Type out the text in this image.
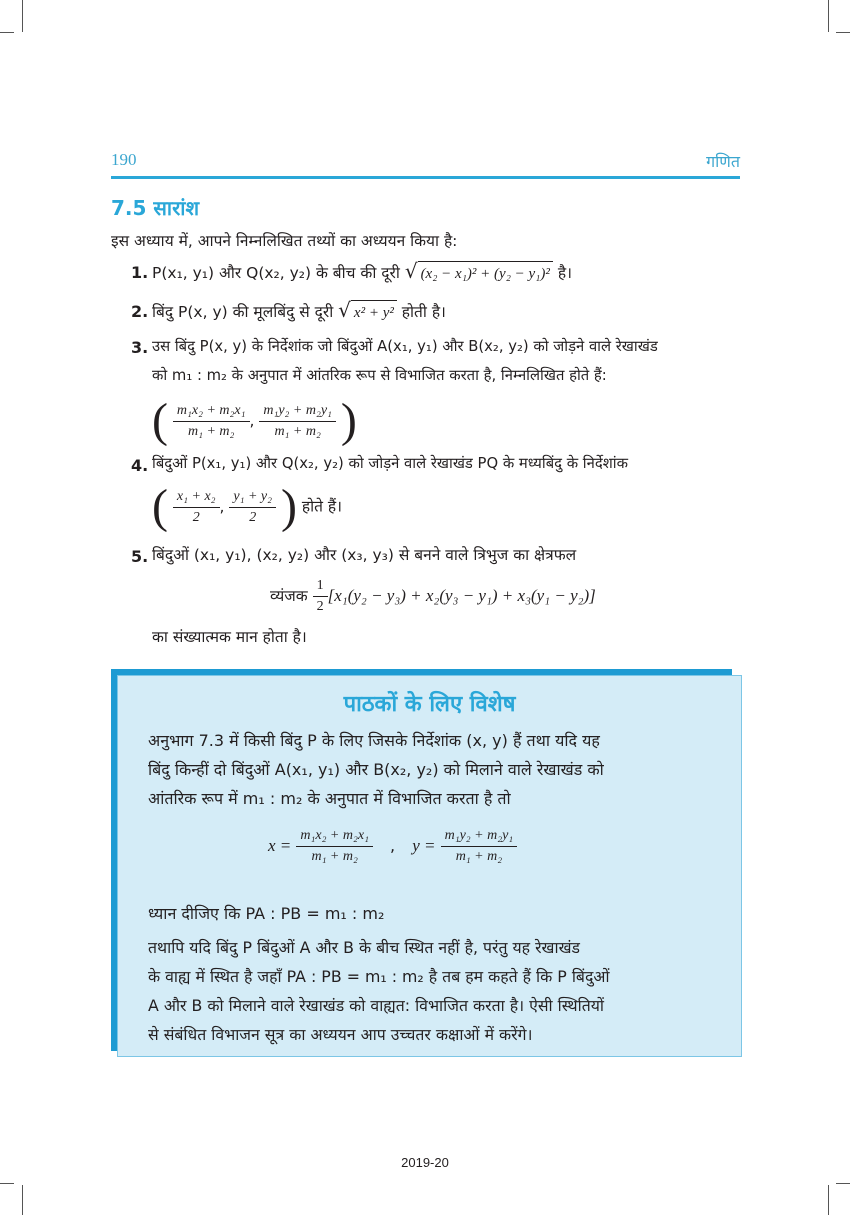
190	गणित
7.5 सारांश
इस अध्याय में, आपने निम्नलिखित तथ्यों का अध्ययन किया है:
1. P(x₁, y₁) और Q(x₂, y₂) के बीच की दूरी √ (x₂ − x₁)² + (y₂ − y₁)² है।
2. बिंदु P(x, y) की मूलबिंदु से दूरी √ x² + y² होती है।
3. उस बिंदु P(x, y) के निर्देशांक जो बिंदुओं A(x₁, y₁) और B(x₂, y₂) को जोड़ने वाले रेखाखंड
को m₁ : m₂ के अनुपात में आंतरिक रूप से विभाजित करता है, निम्नलिखित होते हैं:
( $\frac{\text{m₁x₂ + m₂x₁}}{\text{m₁ + m₂}}$ , $\frac{\text{m₁y₂ + m₂y₁}}{\text{m₁ + m₂}}$ )
4. बिंदुओं P(x₁, y₁) और Q(x₂, y₂) को जोड़ने वाले रेखाखंड PQ के मध्यबिंदु के निर्देशांक
( $\frac{\text{x₁ + x₂}}{2}$ , $\frac{\text{y₁ + y₂}}{2}$ ) होते हैं।
5. बिंदुओं (x₁, y₁), (x₂, y₂) और (x₃, y₃) से बनने वाले त्रिभुज का क्षेत्रफल
व्यंजक $\frac{1}{2} [x_1(y_2 - y_3) + x_2(y_3 - y_1) + x_3(y_1 - y_2)]$
का संख्यात्मक मान होता है।
पाठकों के लिए विशेष
अनुभाग 7.3 में किसी बिंदु P के लिए जिसके निर्देशांक (x, y) हैं तथा यदि यह
बिंदु किन्हीं दो बिंदुओं A(x₁, y₁) और B(x₂, y₂) को मिलाने वाले रेखाखंड को
आंतरिक रूप में m₁ : m₂ के अनुपात में विभाजित करता है तो
$x = \frac{\text{m₁x₂ + m₂x₁}}{\text{m₁ + m₂}}$ , $y = \frac{\text{m₁y₂ + m₂y₁}}{\text{m₁ + m₂}}$
ध्यान दीजिए कि PA : PB = m₁ : m₂
तथापि यदि बिंदु P बिंदुओं A और B के बीच स्थित नहीं है, परंतु यह रेखाखंड
के वाह्य में स्थित है जहाँ PA : PB = m₁ : m₂ है तब हम कहते हैं कि P बिंदुओं
A और B को मिलाने वाले रेखाखंड को वाह्यत: विभाजित करता है। ऐसी स्थितियों
से संबंधित विभाजन सूत्र का अध्ययन आप उच्चतर कक्षाओं में करेंगे।
2019-20
